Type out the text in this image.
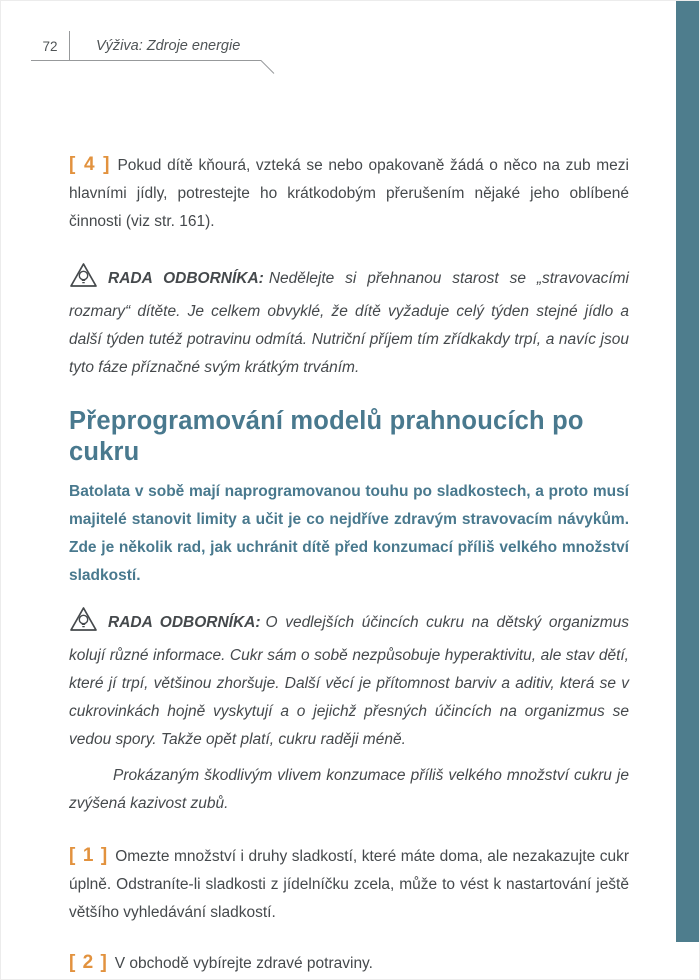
72	Výživa: Zdroje energie

[ 4 ] Pokud dítě kňourá, vzteká se nebo opakovaně žádá o něco na zub mezi hlavními jídly, potrestejte ho krátkodobým přerušením nějaké jeho oblíbené činnosti (viz str. 161).

RADA ODBORNÍKA: Nedělejte si přehnanou starost se „stravovacími rozmary“ dítěte. Je celkem obvyklé, že dítě vyžaduje celý týden stejné jídlo a další týden tutéž potravinu odmítá. Nutriční příjem tím zřídkakdy trpí, a navíc jsou tyto fáze příznačné svým krátkým trváním.

Přeprogramování modelů prahnoucích po cukru

Batolata v sobě mají naprogramovanou touhu po sladkostech, a proto musí majitelé stanovit limity a učit je co nejdříve zdravým stravovacím návykům. Zde je několik rad, jak uchránit dítě před konzumací příliš velkého množství sladkostí.

RADA ODBORNÍKA: O vedlejších účincích cukru na dětský organizmus kolují různé informace. Cukr sám o sobě nezpůsobuje hyperaktivitu, ale stav dětí, které jí trpí, většinou zhoršuje. Další věcí je přítomnost barviv a aditiv, která se v cukrovinkách hojně vyskytují a o jejichž přesných účincích na organizmus se vedou spory. Takže opět platí, cukru raději méně.

Prokázaným škodlivým vlivem konzumace příliš velkého množství cukru je zvýšená kazivost zubů.

[ 1 ] Omezte množství i druhy sladkostí, které máte doma, ale nezakazujte cukr úplně. Odstraníte-li sladkosti z jídelníčku zcela, může to vést k nastartování ještě většího vyhledávání sladkostí.

[ 2 ] V obchodě vybírejte zdravé potraviny.
